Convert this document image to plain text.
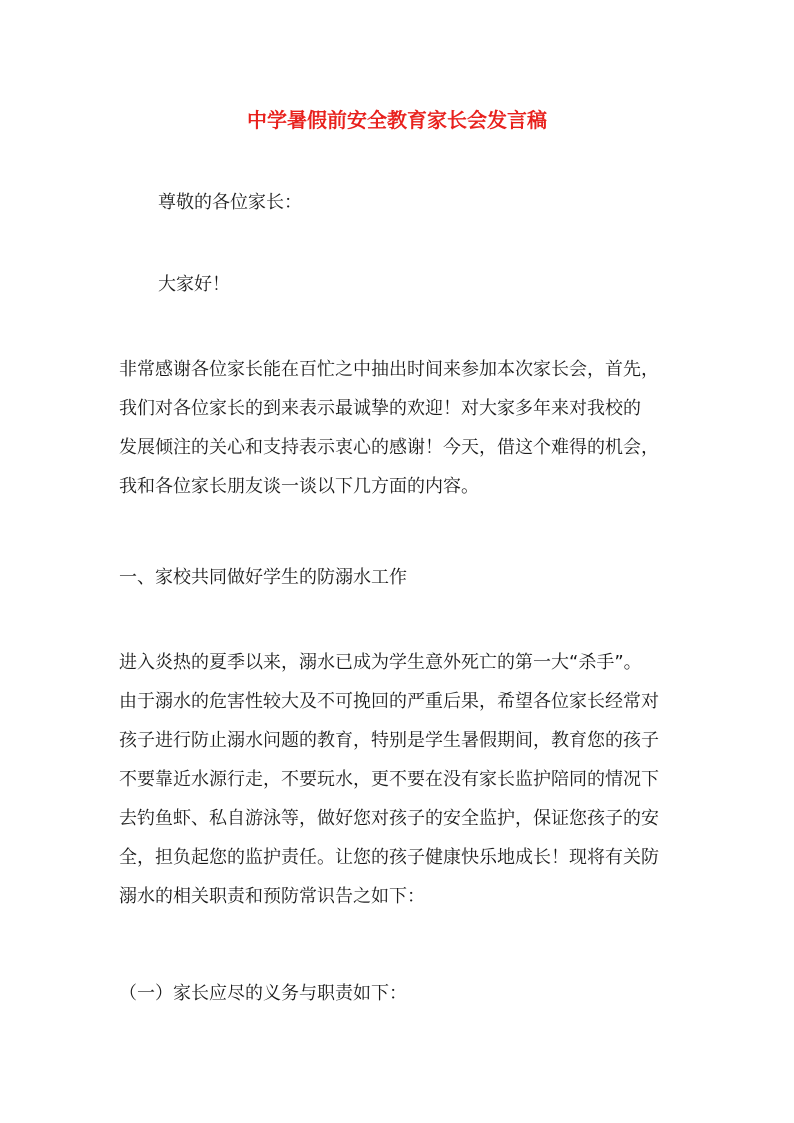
中学暑假前安全教育家长会发言稿
尊敬的各位家长：
大家好！
非常感谢各位家长能在百忙之中抽出时间来参加本次家长会，首先，
我们对各位家长的到来表示最诚挚的欢迎！对大家多年来对我校的
发展倾注的关心和支持表示衷心的感谢！今天，借这个难得的机会，
我和各位家长朋友谈一谈以下几方面的内容。
一、家校共同做好学生的防溺水工作
进入炎热的夏季以来，溺水已成为学生意外死亡的第一大“杀手”。
由于溺水的危害性较大及不可挽回的严重后果，希望各位家长经常对
孩子进行防止溺水问题的教育，特别是学生暑假期间，教育您的孩子
不要靠近水源行走，不要玩水，更不要在没有家长监护陪同的情况下
去钓鱼虾、私自游泳等，做好您对孩子的安全监护，保证您孩子的安
全，担负起您的监护责任。让您的孩子健康快乐地成长！现将有关防
溺水的相关职责和预防常识告之如下：
（一）家长应尽的义务与职责如下：
